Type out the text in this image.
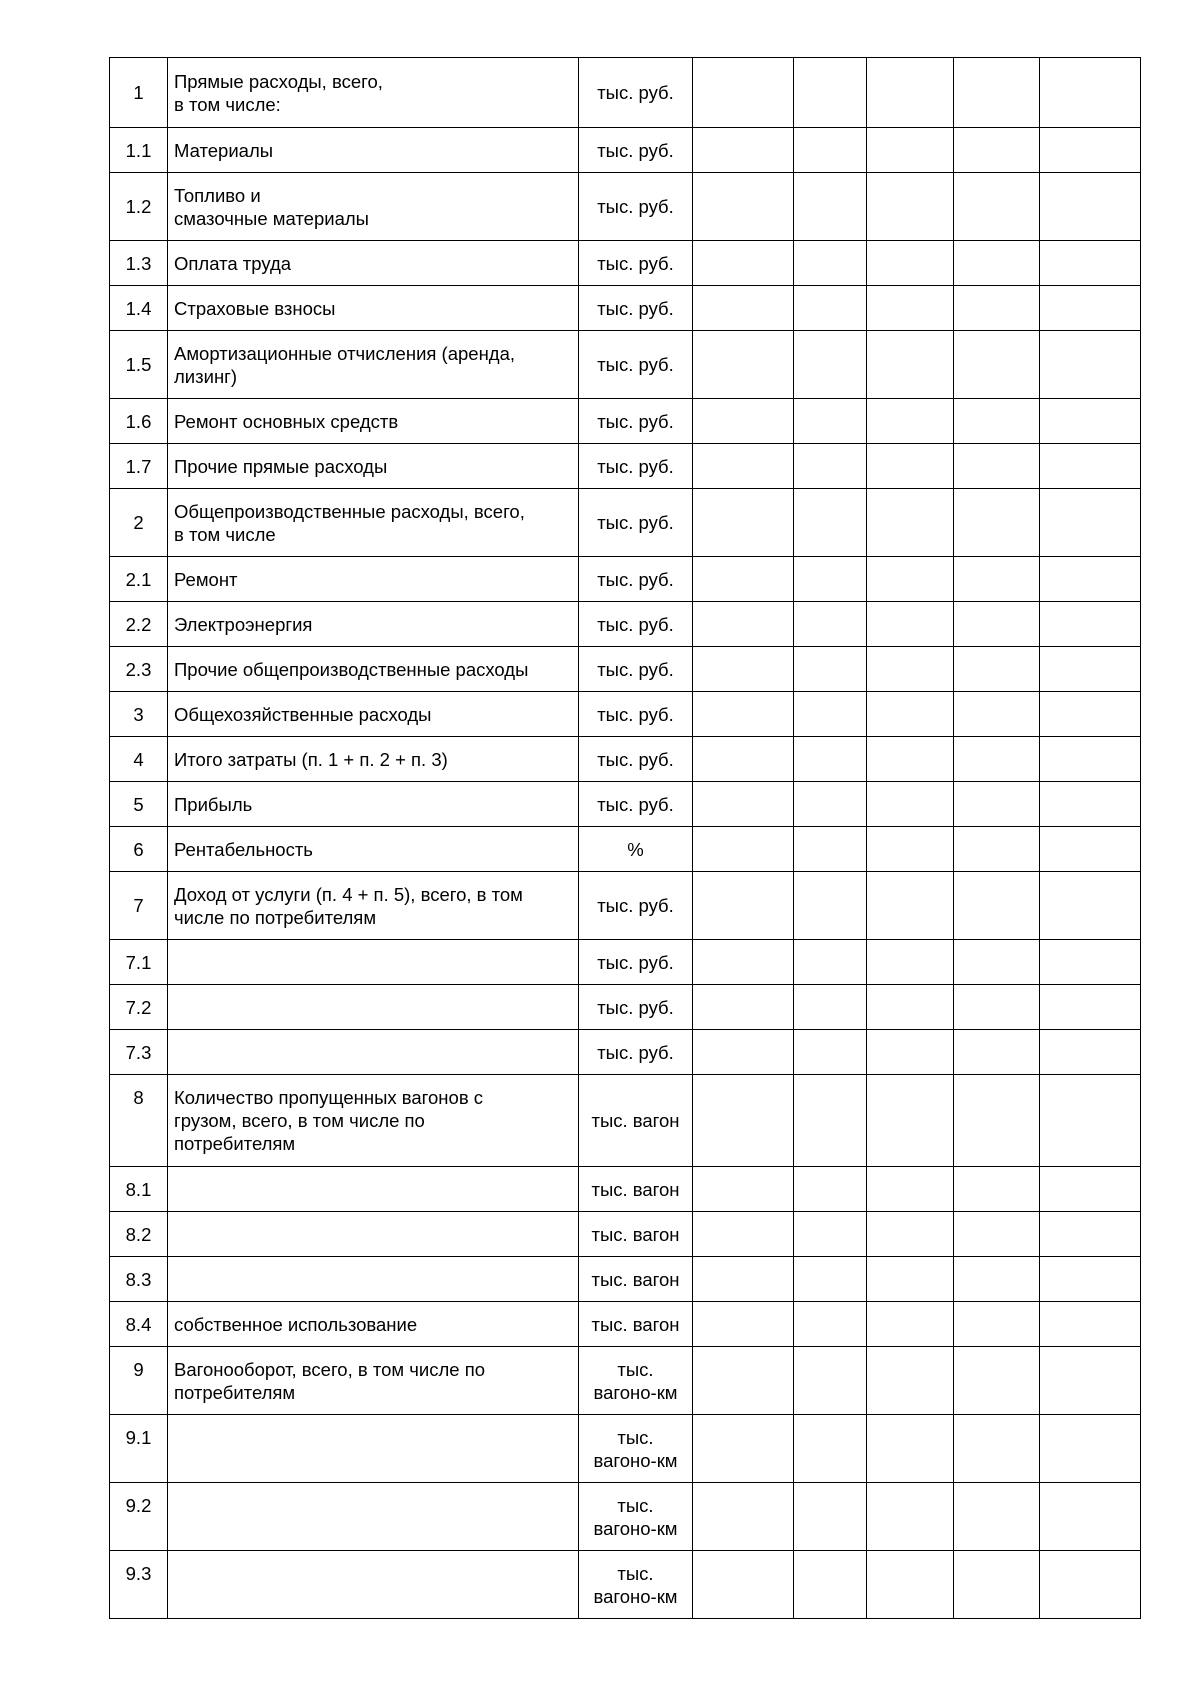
1	Прямые расходы, всего,
в том числе:	тыс. руб.					
1.1	Материалы	тыс. руб.					
1.2	Топливо и
смазочные материалы	тыс. руб.					
1.3	Оплата труда	тыс. руб.					
1.4	Страховые взносы	тыс. руб.					
1.5	Амортизационные отчисления (аренда,
лизинг)	тыс. руб.					
1.6	Ремонт основных средств	тыс. руб.					
1.7	Прочие прямые расходы	тыс. руб.					
2	Общепроизводственные расходы, всего,
в том числе	тыс. руб.					
2.1	Ремонт	тыс. руб.					
2.2	Электроэнергия	тыс. руб.					
2.3	Прочие общепроизводственные расходы	тыс. руб.					
3	Общехозяйственные расходы	тыс. руб.					
4	Итого затраты (п. 1 + п. 2 + п. 3)	тыс. руб.					
5	Прибыль	тыс. руб.					
6	Рентабельность	%					
7	Доход от услуги (п. 4 + п. 5), всего, в том
числе по потребителям	тыс. руб.					
7.1		тыс. руб.					
7.2		тыс. руб.					
7.3		тыс. руб.					
8	Количество пропущенных вагонов с
грузом, всего, в том числе по
потребителям	тыс. вагон					
8.1		тыс. вагон					
8.2		тыс. вагон					
8.3		тыс. вагон					
8.4	собственное использование	тыс. вагон					
9	Вагонооборот, всего, в том числе по
потребителям	тыс.
вагоно-км					
9.1		тыс.
вагоно-км					
9.2		тыс.
вагоно-км					
9.3		тыс.
вагоно-км					
